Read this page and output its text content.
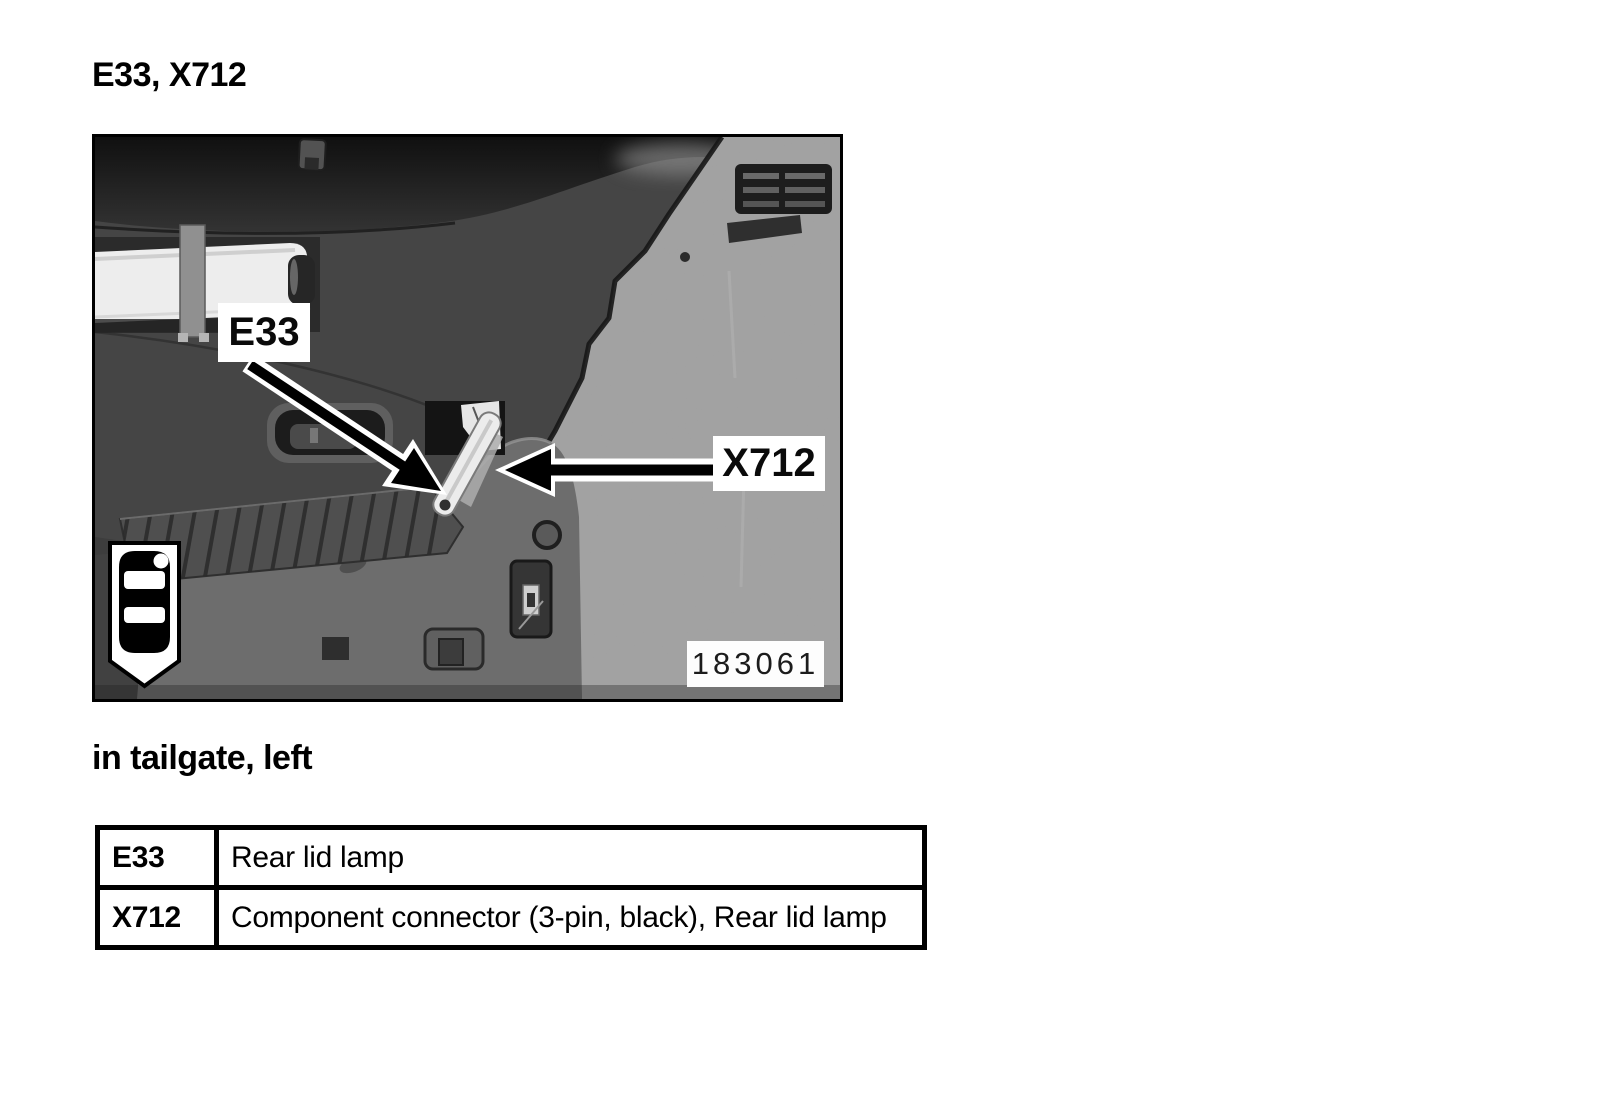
E33, X712
E33
X712
183061
in tailgate, left
E33	Rear lid lamp
X712	Component connector (3-pin, black), Rear lid lamp
